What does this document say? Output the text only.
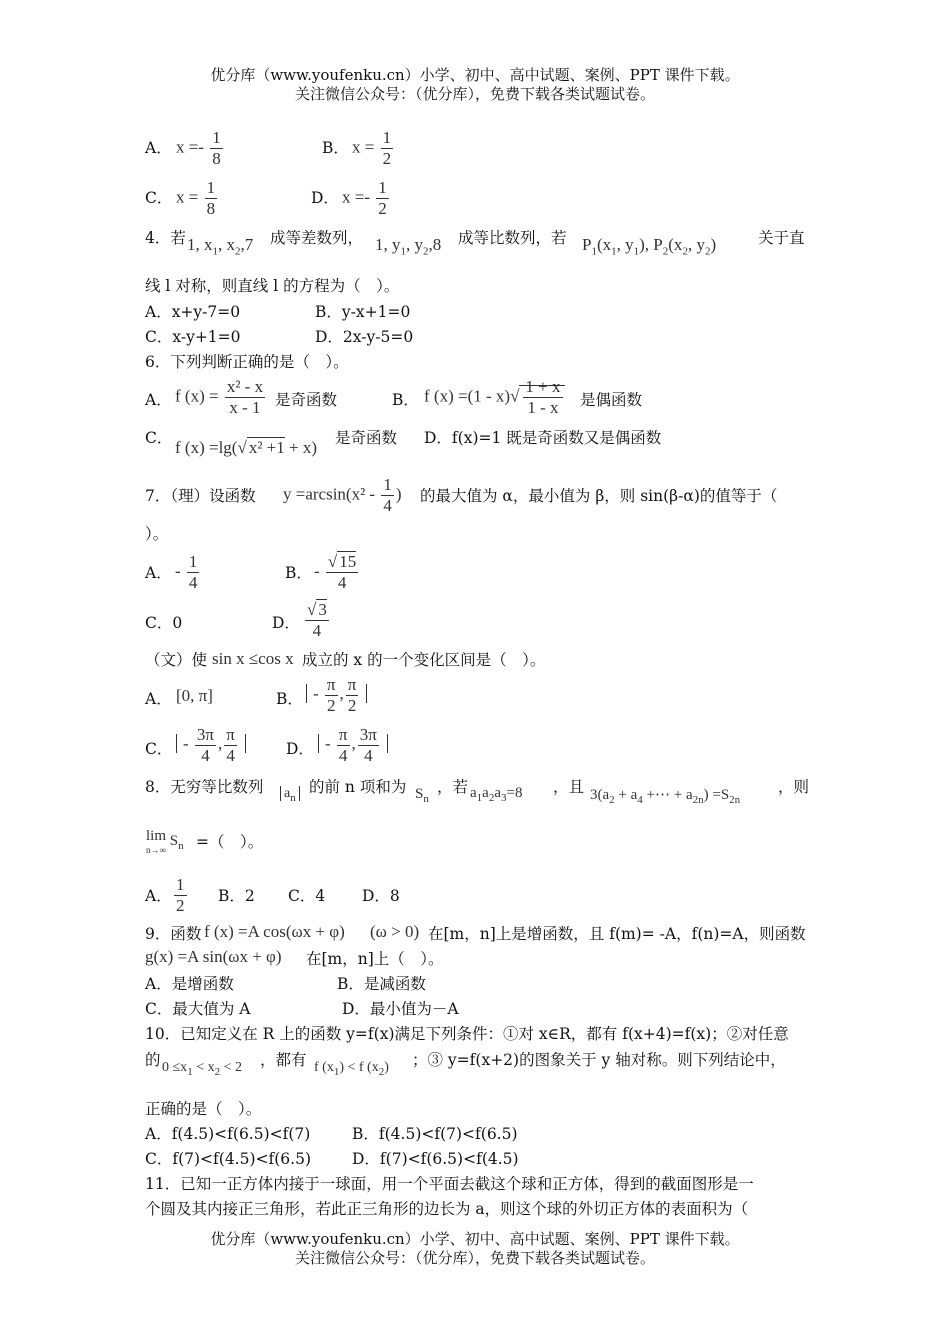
优分库（www.youfenku.cn）小学、初中、高中试题、案例、PPT 课件下载。
关注微信公众号：（优分库），免费下载各类试题试卷。
A． $x =- \frac{1}{8}$	B． $x = \frac{1}{2}$
C． $x = \frac{1}{8}$	D． $x =- \frac{1}{2}$
4．若 1, $x_1$, $x_2,7$ 成等差数列， 1, $y_1$, $y_2,8$ 成等比数列，若 $P_1(x_1$, $y_1$), $P_2(x_2$, $y_2$)	关于直
线 l 对称，则直线 l 的方程为（　）。
A．x+y-7=0	B．y-x+1=0
C．x-y+1=0	D．2x-y-5=0
6．下列判断正确的是（　）。
A． f $(x) = \frac{\text{x² - x}}{x - 1}$ 是奇函数	B． f $(x) =(1 - x)√ \frac{1 + x}{1 - x}$ 是偶函数
C． f (x) =lg(√ x² +1 + x) 是奇函数 D．f(x)=1 既是奇函数又是偶函数
7．（理）设函数 $y =\arcsin(x^2 - \frac{1}{4}$ ) 的最大值为 α，最小值为 β，则 sin(β-α)的值等于（
）。
A． - $\frac{1}{4}$	B． - $\frac{√ 15}{4}$
C．0	D． $\frac{√ 3}{4}$
（文）使 sin x ≤cos x 成立的 x 的一个变化区间是（　）。
A． [0, π]	B． - $\frac{\pi}{2}$ , $\frac{\pi}{2}$
C． - $\frac{3\pi}{4}$ , $\frac{\pi}{4}$	D． - $\frac{\pi}{4}$ , $\frac{3\pi}{4}$
8．无穷等比数列 $a_n$
的前 n 项和为 $S_n$
，若 $a_1a_2a_3=8$ ，且 $3(a_2 + a_4$ +⋯ + $a_{2n}) =S_{2n}$
，则
lim
n→∞
$S_n$ =（　）。
A． $\frac{1}{2}$ B．2 C．4 D．8
9．函数 f (x) =A cos(ωx + φ) (ω > 0) 在[m，n]上是增函数，且 f(m)= -A，f(n)=A，则函数
g(x) =A sin(ωx + φ) 在[m，n]上（　）。
A．是增函数	B．是减函数
C．最大值为 A	D．最小值为－A
10．已知定义在 R 上的函数 y=f(x)满足下列条件：①对 x∈R，都有 f(x+4)=f(x)；②对任意
的 $0 \le x_1 < x_2 < 2$ ，都有 f $(x_1) < f$ $(x_2)$ ；③ y=f(x+2)的图象关于 y 轴对称。则下列结论中，
正确的是（　）。
A．f(4.5)<f(6.5)<f(7)	B．f(4.5)<f(7)<f(6.5)
C．f(7)<f(4.5)<f(6.5)	D．f(7)<f(6.5)<f(4.5)
11．已知一正方体内接于一球面，用一个平面去截这个球和正方体，得到的截面图形是一
个圆及其内接正三角形，若此正三角形的边长为 a，则这个球的外切正方体的表面积为（
优分库（www.youfenku.cn）小学、初中、高中试题、案例、PPT 课件下载。
关注微信公众号：（优分库），免费下载各类试题试卷。
